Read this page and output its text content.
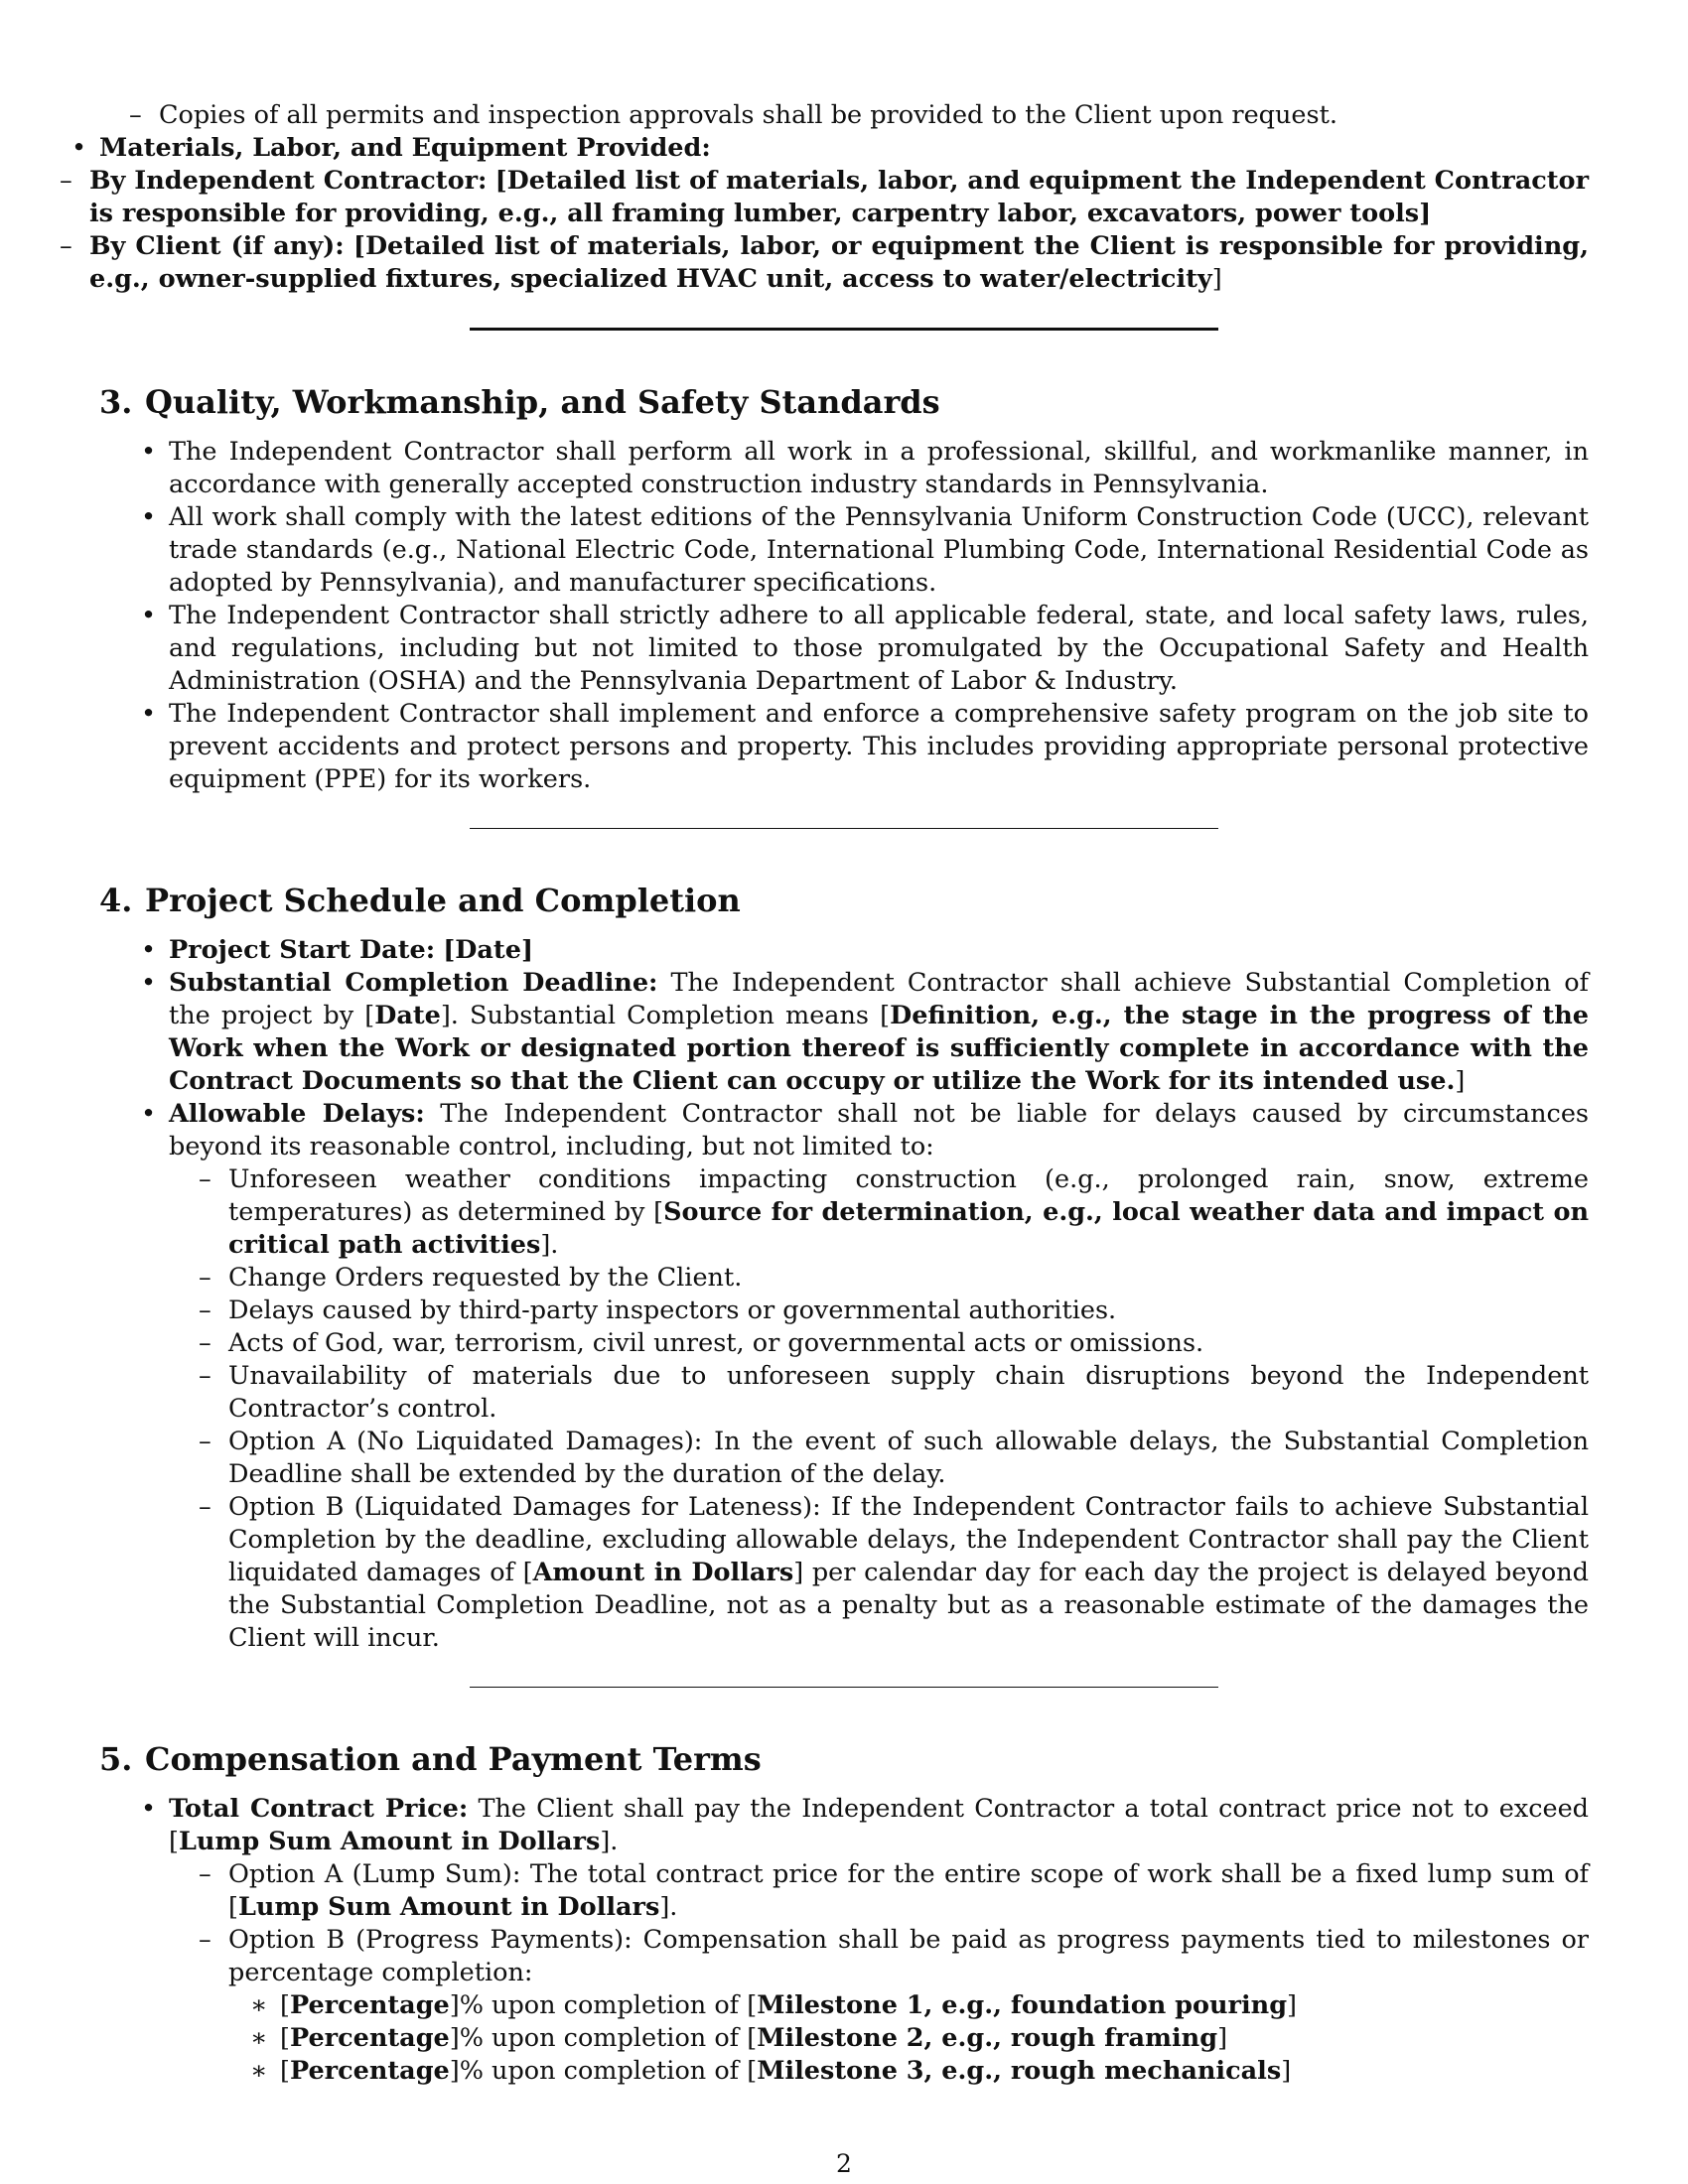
– Copies of all permits and inspection approvals shall be provided to the Client upon request.
• Materials, Labor, and Equipment Provided:
– By Independent Contractor: [Detailed list of materials, labor, and equipment the Independent Contractor is responsible for providing, e.g., all framing lumber, carpentry labor, excavators, power tools]
– By Client (if any): [Detailed list of materials, labor, or equipment the Client is responsible for providing, e.g., owner-supplied fixtures, specialized HVAC unit, access to water/electricity]
3. Quality, Workmanship, and Safety Standards
• The Independent Contractor shall perform all work in a professional, skillful, and workmanlike manner, in accordance with generally accepted construction industry standards in Pennsylvania.
• All work shall comply with the latest editions of the Pennsylvania Uniform Construction Code (UCC), relevant trade standards (e.g., National Electric Code, International Plumbing Code, International Residential Code as adopted by Pennsylvania), and manufacturer specifications.
• The Independent Contractor shall strictly adhere to all applicable federal, state, and local safety laws, rules, and regulations, including but not limited to those promulgated by the Occupational Safety and Health Administration (OSHA) and the Pennsylvania Department of Labor & Industry.
• The Independent Contractor shall implement and enforce a comprehensive safety program on the job site to prevent accidents and protect persons and property. This includes providing appropriate personal protective equipment (PPE) for its workers.
4. Project Schedule and Completion
• Project Start Date: [Date]
• Substantial Completion Deadline: The Independent Contractor shall achieve Substantial Completion of the project by [Date]. Substantial Completion means [Definition, e.g., the stage in the progress of the Work when the Work or designated portion thereof is sufficiently complete in accordance with the Contract Documents so that the Client can occupy or utilize the Work for its intended use.]
• Allowable Delays: The Independent Contractor shall not be liable for delays caused by circumstances beyond its reasonable control, including, but not limited to:
– Unforeseen weather conditions impacting construction (e.g., prolonged rain, snow, extreme temperatures) as determined by [Source for determination, e.g., local weather data and impact on critical path activities].
– Change Orders requested by the Client.
– Delays caused by third-party inspectors or governmental authorities.
– Acts of God, war, terrorism, civil unrest, or governmental acts or omissions.
– Unavailability of materials due to unforeseen supply chain disruptions beyond the Independent Contractor’s control.
– Option A (No Liquidated Damages): In the event of such allowable delays, the Substantial Completion Deadline shall be extended by the duration of the delay.
– Option B (Liquidated Damages for Lateness): If the Independent Contractor fails to achieve Substantial Completion by the deadline, excluding allowable delays, the Independent Contractor shall pay the Client liquidated damages of [Amount in Dollars] per calendar day for each day the project is delayed beyond the Substantial Completion Deadline, not as a penalty but as a reasonable estimate of the damages the Client will incur.
5. Compensation and Payment Terms
• Total Contract Price: The Client shall pay the Independent Contractor a total contract price not to exceed [Lump Sum Amount in Dollars].
– Option A (Lump Sum): The total contract price for the entire scope of work shall be a fixed lump sum of [Lump Sum Amount in Dollars].
– Option B (Progress Payments): Compensation shall be paid as progress payments tied to milestones or percentage completion:
∗ [Percentage]% upon completion of [Milestone 1, e.g., foundation pouring]
∗ [Percentage]% upon completion of [Milestone 2, e.g., rough framing]
∗ [Percentage]% upon completion of [Milestone 3, e.g., rough mechanicals]
2
